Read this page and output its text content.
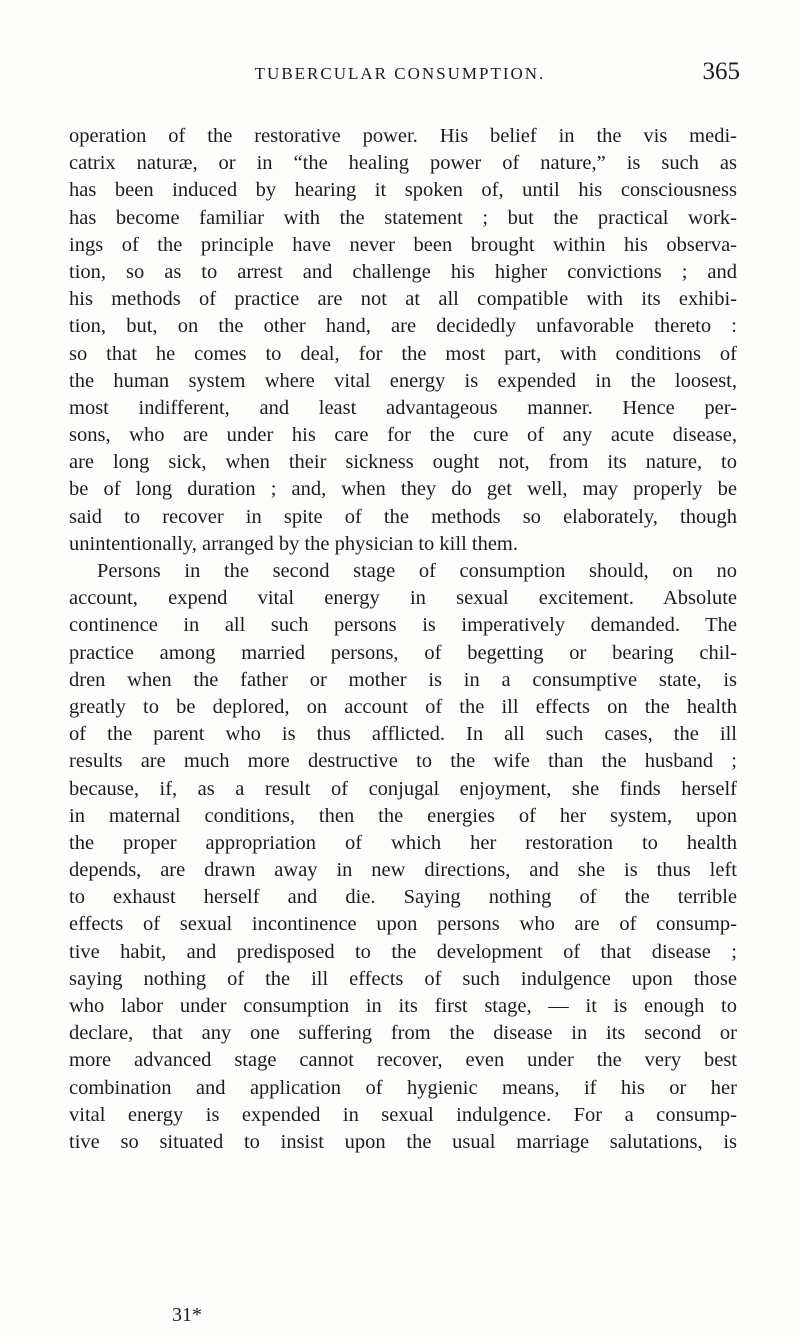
TUBERCULAR CONSUMPTION.	365
operation of the restorative power. His belief in the vis medi-
catrix naturæ, or in “the healing power of nature,” is such as
has been induced by hearing it spoken of, until his consciousness
has become familiar with the statement ; but the practical work-
ings of the principle have never been brought within his observa-
tion, so as to arrest and challenge his higher convictions ; and
his methods of practice are not at all compatible with its exhibi-
tion, but, on the other hand, are decidedly unfavorable thereto :
so that he comes to deal, for the most part, with conditions of
the human system where vital energy is expended in the loosest,
most indifferent, and least advantageous manner. Hence per-
sons, who are under his care for the cure of any acute disease,
are long sick, when their sickness ought not, from its nature, to
be of long duration ; and, when they do get well, may properly be
said to recover in spite of the methods so elaborately, though
unintentionally, arranged by the physician to kill them.
Persons in the second stage of consumption should, on no
account, expend vital energy in sexual excitement. Absolute
continence in all such persons is imperatively demanded. The
practice among married persons, of begetting or bearing chil-
dren when the father or mother is in a consumptive state, is
greatly to be deplored, on account of the ill effects on the health
of the parent who is thus afflicted. In all such cases, the ill
results are much more destructive to the wife than the husband ;
because, if, as a result of conjugal enjoyment, she finds herself
in maternal conditions, then the energies of her system, upon
the proper appropriation of which her restoration to health
depends, are drawn away in new directions, and she is thus left
to exhaust herself and die. Saying nothing of the terrible
effects of sexual incontinence upon persons who are of consump-
tive habit, and predisposed to the development of that disease ;
saying nothing of the ill effects of such indulgence upon those
who labor under consumption in its first stage, — it is enough to
declare, that any one suffering from the disease in its second or
more advanced stage cannot recover, even under the very best
combination and application of hygienic means, if his or her
vital energy is expended in sexual indulgence. For a consump-
tive so situated to insist upon the usual marriage salutations, is
31*
